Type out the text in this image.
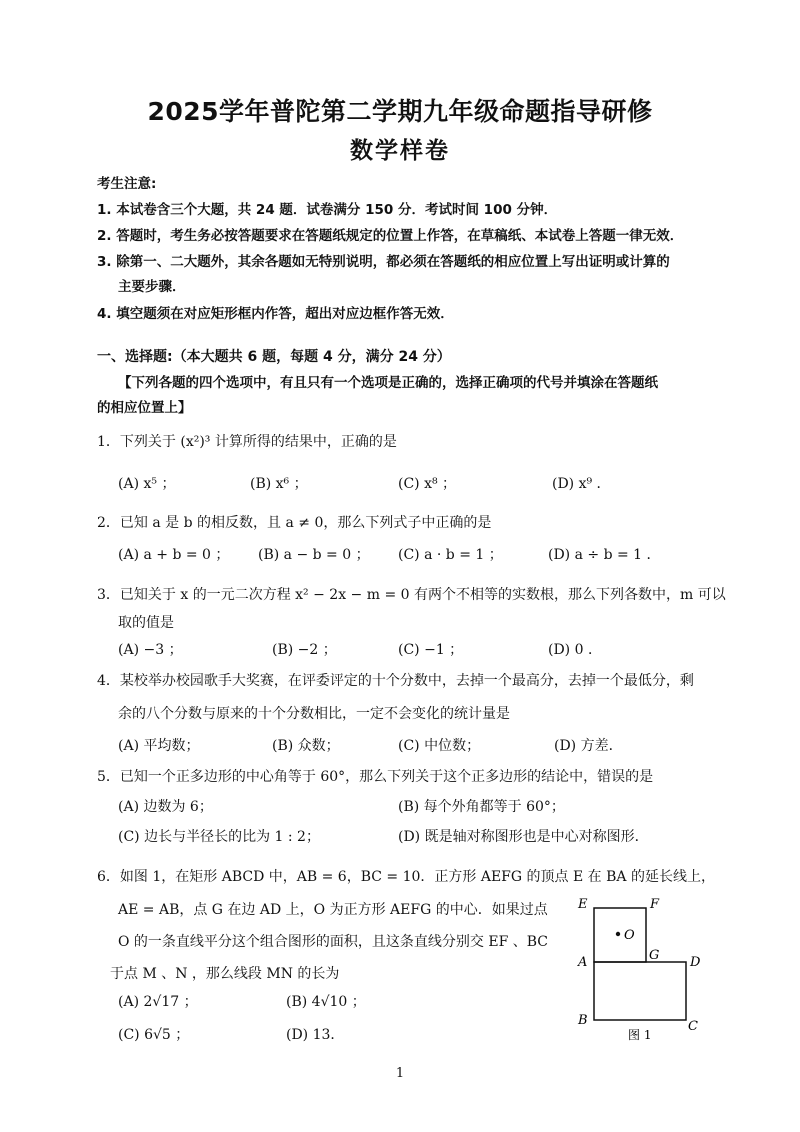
2025学年普陀第二学期九年级命题指导研修
数学样卷
考生注意:
1. 本试卷含三个大题，共 24 题．试卷满分 150 分．考试时间 100 分钟．
2. 答题时，考生务必按答题要求在答题纸规定的位置上作答，在草稿纸、本试卷上答题一律无效．
3. 除第一、二大题外，其余各题如无特别说明，都必须在答题纸的相应位置上写出证明或计算的
主要步骤．
4. 填空题须在对应矩形框内作答，超出对应边框作答无效．
一、选择题:（本大题共 6 题，每题 4 分，满分 24 分）
【下列各题的四个选项中，有且只有一个选项是正确的，选择正确项的代号并填涂在答题纸
的相应位置上】
1．下列关于 (x²)³ 计算所得的结果中，正确的是
(A) x⁵ ；	(B) x⁶ ；	(C) x⁸ ；	(D) x⁹ ．
2．已知 a 是 b 的相反数，且 a ≠ 0，那么下列式子中正确的是
(A) a + b = 0 ； (B) a − b = 0 ； (C) a · b = 1 ；	(D) a ÷ b = 1 ．
3．已知关于 x 的一元二次方程 x² − 2x − m = 0 有两个不相等的实数根，那么下列各数中，m 可以
取的值是
(A) −3 ；	(B) −2 ；	(C) −1 ；	(D) 0 ．
4．某校举办校园歌手大奖赛，在评委评定的十个分数中，去掉一个最高分，去掉一个最低分，剩
余的八个分数与原来的十个分数相比，一定不会变化的统计量是
(A) 平均数；	(B) 众数；	(C) 中位数；	(D) 方差．
5．已知一个正多边形的中心角等于 60°，那么下列关于这个正多边形的结论中，错误的是
(A) 边数为 6；	(B) 每个外角都等于 60°；
(C) 边长与半径长的比为 1 : 2；	(D) 既是轴对称图形也是中心对称图形．
6．如图 1，在矩形 ABCD 中，AB = 6，BC = 10．正方形 AEFG 的顶点 E 在 BA 的延长线上，
AE = AB，点 G 在边 AD 上，O 为正方形 AEFG 的中心．如果过点
O 的一条直线平分这个组合图形的面积，且这条直线分别交 EF 、BC
于点 M 、N ，那么线段 MN 的长为
(A) 2√17 ；	(B) 4√10 ；
(C) 6√5 ；	(D) 13．
E	F
O
A	G D
B	C
图 1
1
